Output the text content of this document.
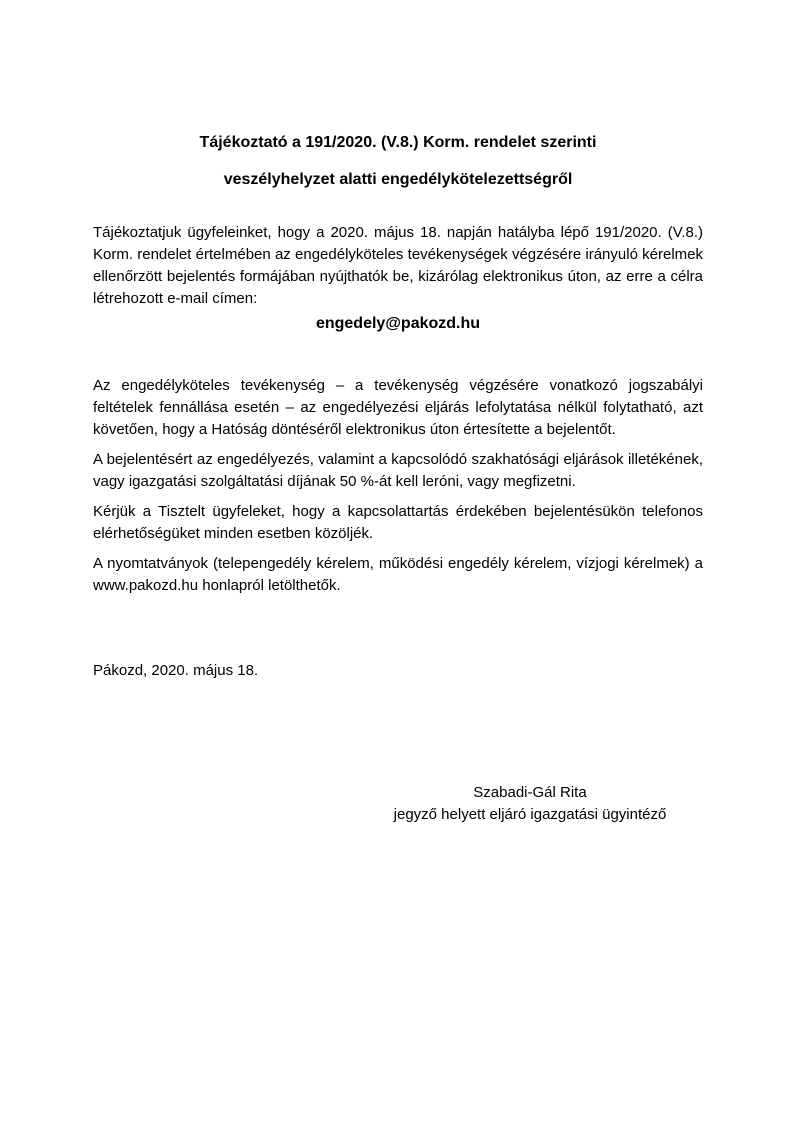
Tájékoztató a 191/2020. (V.8.) Korm. rendelet szerinti
veszélyhelyzet alatti engedélykötelezettségről

Tájékoztatjuk ügyfeleinket, hogy a 2020. május 18. napján hatályba lépő 191/2020. (V.8.) Korm. rendelet értelmében az engedélyköteles tevékenységek végzésére irányuló kérelmek ellenőrzött bejelentés formájában nyújthatók be, kizárólag elektronikus úton, az erre a célra létrehozott e-mail címen:

engedely@pakozd.hu

Az engedélyköteles tevékenység – a tevékenység végzésére vonatkozó jogszabályi feltételek fennállása esetén – az engedélyezési eljárás lefolytatása nélkül folytatható, azt követően, hogy a Hatóság döntéséről elektronikus úton értesítette a bejelentőt.

A bejelentésért az engedélyezés, valamint a kapcsolódó szakhatósági eljárások illetékének, vagy igazgatási szolgáltatási díjának 50 %-át kell leróni, vagy megfizetni.

Kérjük a Tisztelt ügyfeleket, hogy a kapcsolattartás érdekében bejelentésükön telefonos elérhetőségüket minden esetben közöljék.

A nyomtatványok (telepengedély kérelem, működési engedély kérelem, vízjogi kérelmek) a www.pakozd.hu honlapról letölthetők.

Pákozd, 2020. május 18.

Szabadi-Gál Rita
jegyző helyett eljáró igazgatási ügyintéző
